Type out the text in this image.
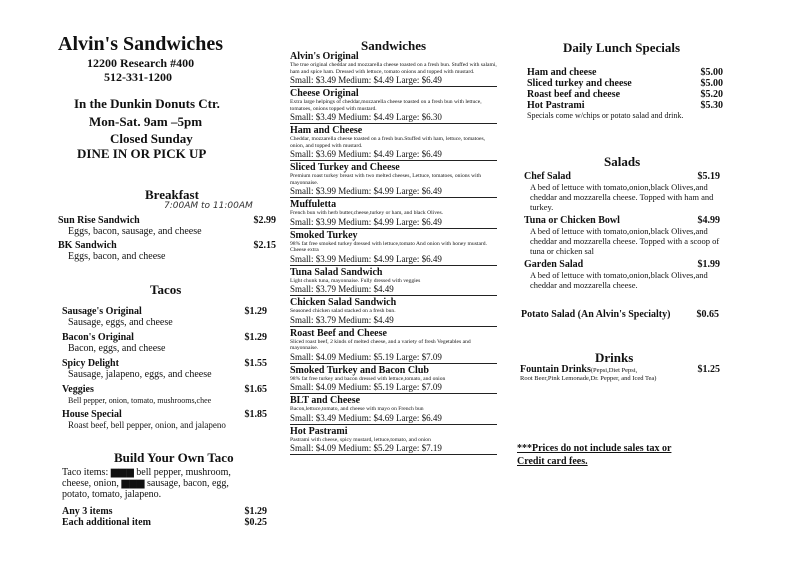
Alvin's Sandwiches
12200 Research #400
512-331-1200
In the Dunkin Donuts Ctr.
Mon-Sat. 9am –5pm
Closed Sunday
DINE IN OR PICK UP
Breakfast
7:00AM to 11:00AM
Sun Rise Sandwich	$2.99
Eggs, bacon, sausage, and cheese
BK Sandwich	$2.15
Eggs, bacon, and cheese
Tacos
Sausage's Original	$1.29
Sausage, eggs, and cheese
Bacon's Original	$1.29
Bacon, eggs, and cheese
Spicy Delight	$1.55
Sausage, jalapeno, eggs, and cheese
Veggies	$1.65
Bell pepper, onion, tomato, mushrooms,chee
House Special	$1.85
Roast beef, bell pepper, onion, and jalapeno
Build Your Own Taco
Taco items: ▆▆▆ bell pepper, mushroom,
cheese, onion, ▆▆▆ sausage, bacon, egg,
potato, tomato, jalapeno.
Any 3 items	$1.29
Each additional item	$0.25
Sandwiches
Alvin's Original
The true original cheddar and mozzarella cheese toasted on a fresh bun. Stuffed with salami, ham and spice ham. Dressed with lettuce, tomato onions and topped with mustard.
Small: $3.49 Medium: $4.49 Large: $6.49
Cheese Original
Extra large helpings of cheddar,mozzarella cheese toasted on a fresh bun with lettuce, tomatoes, onions topped with mustard.
Small: $3.49 Medium: $4.49 Large: $6.30
Ham and Cheese
Cheddar, mozzarella cheese toasted on a fresh bun.Stuffed with ham, lettuce, tomatoes, onion, and topped with mustard.
Small: $3.69 Medium: $4.49 Large: $6.49
Sliced Turkey and Cheese
Premium roast turkey breast with two melted cheeses, Lettuce, tomatoes, onions with mayonnaise.
Small: $3.99 Medium: $4.99 Large: $6.49
Muffuletta
French bun with herb butter,cheese,turkey or ham, and black Olives.
Small: $3.99 Medium: $4.99 Large: $6.49
Smoked Turkey
98% fat free smoked turkey dressed with lettuce,tomato And onion with honey mustard. Cheese extra
Small: $3.99 Medium: $4.99 Large: $6.49
Tuna Salad Sandwich
Light chunk tuna, mayonnaise. Fully dressed with veggies
Small: $3.79 Medium: $4.49
Chicken Salad Sandwich
Seasoned chicken salad stacked on a fresh bun.
Small: $3.79 Medium: $4.49
Roast Beef and Cheese
Sliced roast beef, 2 kinds of melted cheese, and a variety of fresh Vegetables and mayonnaise.
Small: $4.09 Medium: $5.19 Large: $7.09
Smoked Turkey and Bacon Club
98% fat free turkey and bacon dressed with lettuce,tomato, and onion
Small: $4.09 Medium: $5.19 Large: $7.09
BLT and Cheese
Bacon,lettuce,tomato, and cheese with mayo on French bun
Small: $3.49 Medium: $4.69 Large: $6.49
Hot Pastrami
Pastrami with cheese, spicy mustard, lettuce,tomato, and onion
Small: $4.09 Medium: $5.29 Large: $7.19
Daily Lunch Specials
Ham and cheese	$5.00
Sliced turkey and cheese	$5.00
Roast beef and cheese	$5.20
Hot Pastrami	$5.30
Specials come w/chips or potato salad and drink.
Salads
Chef Salad	$5.19
A bed of lettuce with tomato,onion,black Olives,and cheddar and mozzarella cheese. Topped with ham and turkey.
Tuna or Chicken Bowl	$4.99
A bed of lettuce with tomato,onion,black Olives,and cheddar and mozzarella cheese. Topped with a scoop of tuna or chicken sal
Garden Salad	$1.99
A bed of lettuce with tomato,onion,black Olives,and cheddar and mozzarella cheese.
Potato Salad (An Alvin's Specialty)	$0.65
Drinks
Fountain Drinks(Pepsi,Diet Pepsi,	$1.25
Root Beer,Pink Lemonade,Dr. Pepper, and Iced Tea)
***Prices do not include sales tax or
Credit card fees.
